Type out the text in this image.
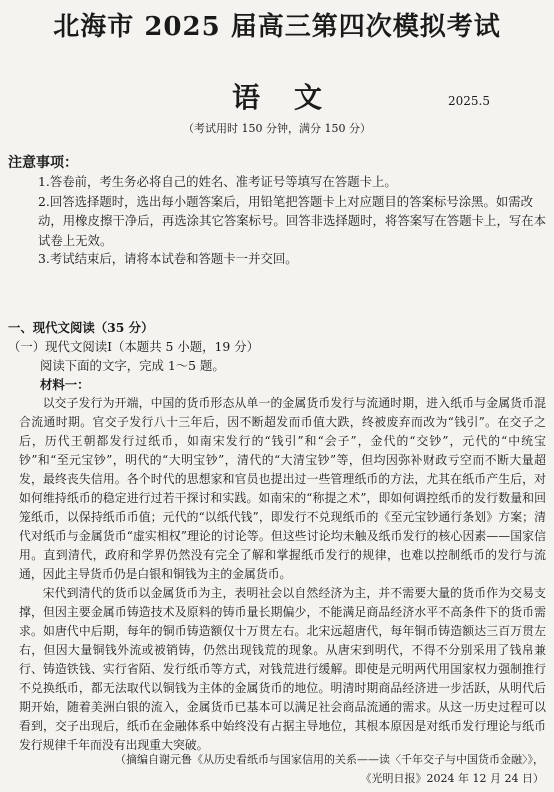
北海市 2025 届高三第四次模拟考试
语文	2025.5
（考试用时 150 分钟，满分 150 分）
注意事项：
1.答卷前，考生务必将自己的姓名、准考证号等填写在答题卡上。
2.回答选择题时，选出每小题答案后，用铅笔把答题卡上对应题目的答案标号涂黑。如需改动，用橡皮擦干净后，再选涂其它答案标号。回答非选择题时，将答案写在答题卡上，写在本试卷上无效。
3.考试结束后，请将本试卷和答题卡一并交回。
一、现代文阅读（35 分）
（一）现代文阅读Ⅰ（本题共 5 小题，19 分）
阅读下面的文字，完成 1～5 题。
材料一：

以交子发行为开端，中国的货币形态从单一的金属货币发行与流通时期，进入纸币与金属货币混合流通时期。官交子发行八十三年后，因不断超发而币值大跌，终被废弃而改为“钱引”。在交子之后，历代王朝都发行过纸币，如南宋发行的“钱引”和“会子”，金代的“交钞”，元代的“中统宝钞”和“至元宝钞”，明代的“大明宝钞”，清代的“大清宝钞”等，但均因弥补财政亏空而不断大量超发，最终丧失信用。各个时代的思想家和官员也提出过一些管理纸币的方法，尤其在纸币产生后，对如何维持纸币的稳定进行过若干探讨和实践。如南宋的“称提之术”，即如何调控纸币的发行数量和回笼纸币，以保持纸币币值；元代的“以纸代钱”，即发行不兑现纸币的《至元宝钞通行条划》方案；清代对纸币与金属货币“虚实相权”理论的讨论等。但这些讨论均未触及纸币发行的核心因素——国家信用。直到清代，政府和学界仍然没有完全了解和掌握纸币发行的规律，也难以控制纸币的发行与流通，因此主导货币仍是白银和铜钱为主的金属货币。

宋代到清代的货币以金属货币为主，表明社会以自然经济为主，并不需要大量的货币作为交易支撑，但因主要金属币铸造技术及原料的铸币量长期偏少，不能满足商品经济水平不高条件下的货币需求。如唐代中后期，每年的铜币铸造额仅十万贯左右。北宋远超唐代，每年铜币铸造额达三百万贯左右，但因大量铜钱外流或被销铸，仍然出现钱荒的现象。从唐宋到明代，不得不分别采用了钱帛兼行、铸造铁钱、实行省陌、发行纸币等方式，对钱荒进行缓解。即使是元明两代用国家权力强制推行不兑换纸币，都无法取代以铜钱为主体的金属货币的地位。明清时期商品经济进一步活跃，从明代后期开始，随着美洲白银的流入，金属货币已基本可以满足社会商品流通的需求。从这一历史过程可以看到，交子出现后，纸币在金融体系中始终没有占据主导地位，其根本原因是对纸币发行理论与纸币发行规律千年而没有出现重大突破。

（摘编自谢元鲁《从历史看纸币与国家信用的关系——读〈千年交子与中国货币金融〉》，
《光明日报》2024 年 12 月 24 日）
